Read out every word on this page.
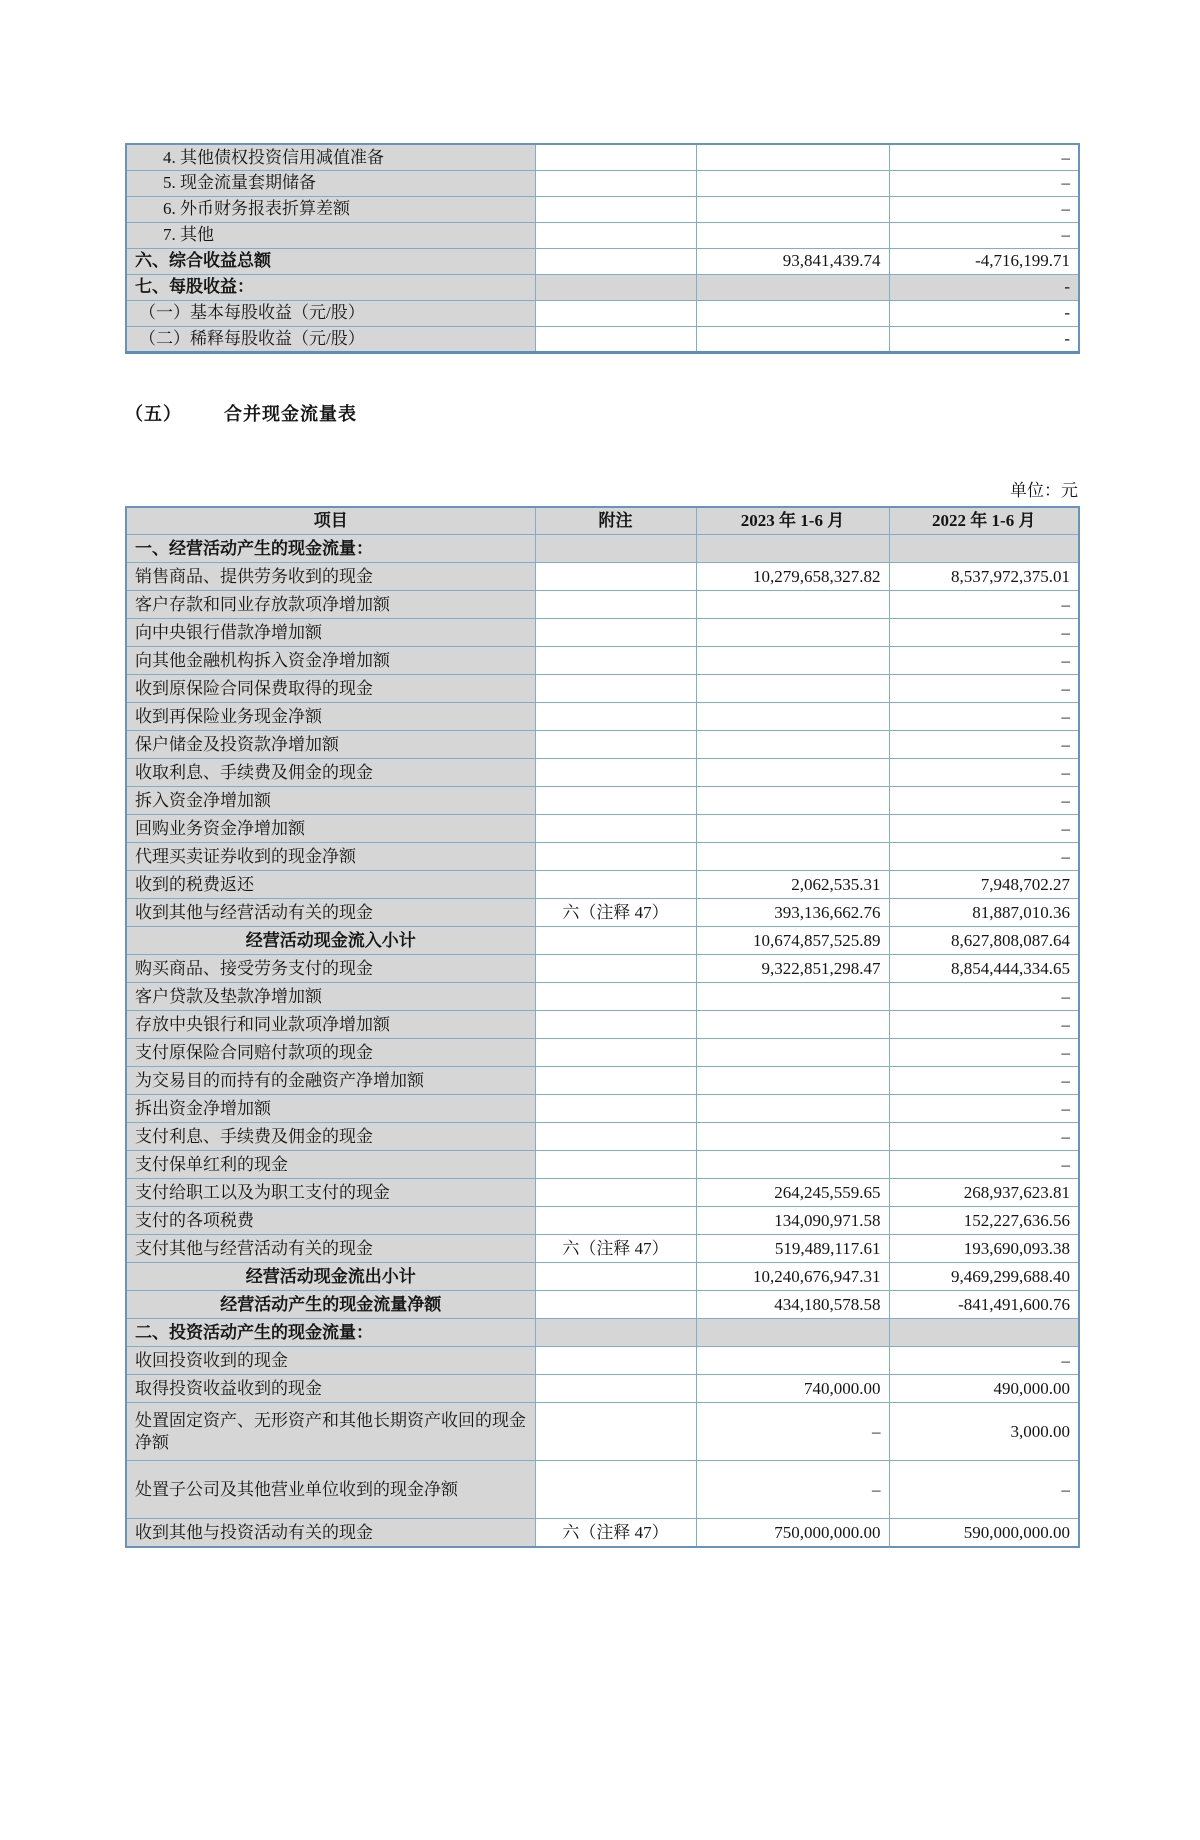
4. 其他债权投资信用减值准备			–
5. 现金流量套期储备			–
6. 外币财务报表折算差额			–
7. 其他			–
六、综合收益总额		93,841,439.74	-4,716,199.71
七、每股收益：			-
（一）基本每股收益（元/股）			-
（二）稀释每股收益（元/股）			-
（五） 合并现金流量表
单位：元
项目	附注	2023 年 1-6 月	2022 年 1-6 月
一、经营活动产生的现金流量：			
销售商品、提供劳务收到的现金		10,279,658,327.82	8,537,972,375.01
客户存款和同业存放款项净增加额			–
向中央银行借款净增加额			–
向其他金融机构拆入资金净增加额			–
收到原保险合同保费取得的现金			–
收到再保险业务现金净额			–
保户储金及投资款净增加额			–
收取利息、手续费及佣金的现金			–
拆入资金净增加额			–
回购业务资金净增加额			–
代理买卖证券收到的现金净额			–
收到的税费返还		2,062,535.31	7,948,702.27
收到其他与经营活动有关的现金	六（注释 47）	393,136,662.76	81,887,010.36
经营活动现金流入小计		10,674,857,525.89	8,627,808,087.64
购买商品、接受劳务支付的现金		9,322,851,298.47	8,854,444,334.65
客户贷款及垫款净增加额			–
存放中央银行和同业款项净增加额			–
支付原保险合同赔付款项的现金			–
为交易目的而持有的金融资产净增加额			–
拆出资金净增加额			–
支付利息、手续费及佣金的现金			–
支付保单红利的现金			–
支付给职工以及为职工支付的现金		264,245,559.65	268,937,623.81
支付的各项税费		134,090,971.58	152,227,636.56
支付其他与经营活动有关的现金	六（注释 47）	519,489,117.61	193,690,093.38
经营活动现金流出小计		10,240,676,947.31	9,469,299,688.40
经营活动产生的现金流量净额		434,180,578.58	-841,491,600.76
二、投资活动产生的现金流量：			
收回投资收到的现金			–
取得投资收益收到的现金		740,000.00	490,000.00
处置固定资产、无形资产和其他长期资产收回的现金净额		–	3,000.00
处置子公司及其他营业单位收到的现金净额		–	–
收到其他与投资活动有关的现金	六（注释 47）	750,000,000.00	590,000,000.00
